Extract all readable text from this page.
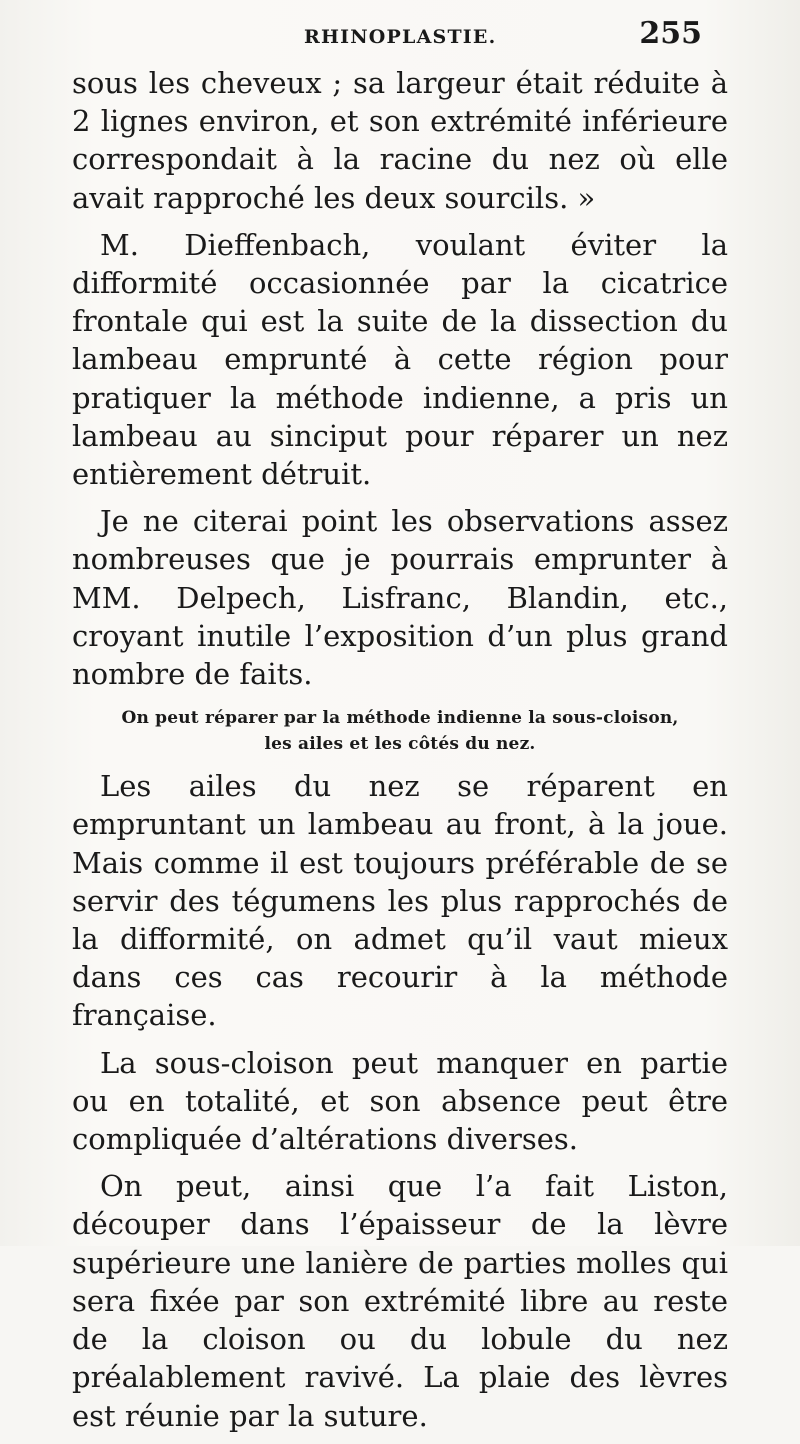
RHINOPLASTIE.	255

sous les cheveux ; sa largeur était réduite à 2 lignes environ, et son extrémité inférieure correspondait à la racine du nez où elle avait rapproché les deux sourcils. »

M. Dieffenbach, voulant éviter la difformité occasionnée par la cicatrice frontale qui est la suite de la dissection du lambeau emprunté à cette région pour pratiquer la méthode indienne, a pris un lambeau au sinciput pour réparer un nez entièrement détruit.

Je ne citerai point les observations assez nombreuses que je pourrais emprunter à MM. Delpech, Lisfranc, Blandin, etc., croyant inutile l’exposition d’un plus grand nombre de faits.

On peut réparer par la méthode indienne la sous-cloison,
les ailes et les côtés du nez.

Les ailes du nez se réparent en empruntant un lambeau au front, à la joue. Mais comme il est toujours préférable de se servir des tégumens les plus rapprochés de la difformité, on admet qu’il vaut mieux dans ces cas recourir à la méthode française.

La sous-cloison peut manquer en partie ou en totalité, et son absence peut être compliquée d’altérations diverses.

On peut, ainsi que l’a fait Liston, découper dans l’épaisseur de la lèvre supérieure une lanière de parties molles qui sera fixée par son extrémité libre au reste de la cloison ou du lobule du nez préalablement ravivé. La plaie des lèvres est réunie par la suture.
